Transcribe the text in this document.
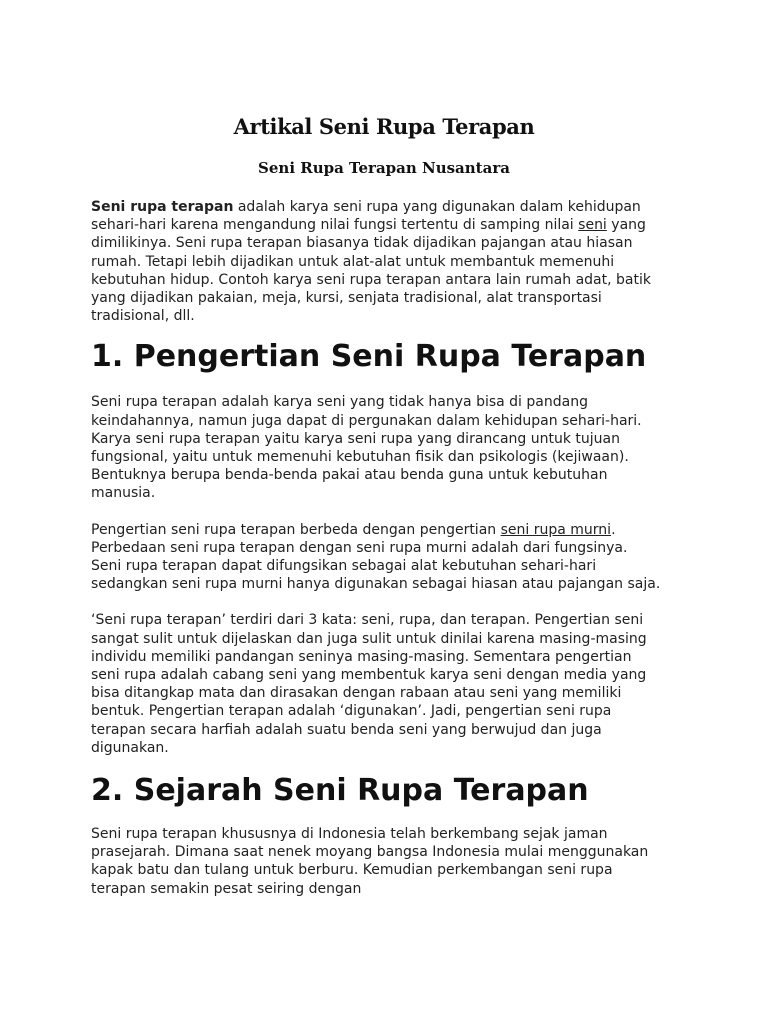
Artikal Seni Rupa Terapan
Seni Rupa Terapan Nusantara

Seni rupa terapan adalah karya seni rupa yang digunakan dalam kehidupan sehari-hari karena mengandung nilai fungsi tertentu di samping nilai seni yang dimilikinya. Seni rupa terapan biasanya tidak dijadikan pajangan atau hiasan rumah. Tetapi lebih dijadikan untuk alat-alat untuk membantuk memenuhi kebutuhan hidup. Contoh karya seni rupa terapan antara lain rumah adat, batik yang dijadikan pakaian, meja, kursi, senjata tradisional, alat transportasi tradisional, dll.

1. Pengertian Seni Rupa Terapan

Seni rupa terapan adalah karya seni yang tidak hanya bisa di pandang keindahannya, namun juga dapat di pergunakan dalam kehidupan sehari-hari. Karya seni rupa terapan yaitu karya seni rupa yang dirancang untuk tujuan fungsional, yaitu untuk memenuhi kebutuhan fisik dan psikologis (kejiwaan). Bentuknya berupa benda-benda pakai atau benda guna untuk kebutuhan manusia.

Pengertian seni rupa terapan berbeda dengan pengertian seni rupa murni. Perbedaan seni rupa terapan dengan seni rupa murni adalah dari fungsinya. Seni rupa terapan dapat difungsikan sebagai alat kebutuhan sehari-hari sedangkan seni rupa murni hanya digunakan sebagai hiasan atau pajangan saja.

‘Seni rupa terapan’ terdiri dari 3 kata: seni, rupa, dan terapan. Pengertian seni sangat sulit untuk dijelaskan dan juga sulit untuk dinilai karena masing-masing individu memiliki pandangan seninya masing-masing. Sementara pengertian seni rupa adalah cabang seni yang membentuk karya seni dengan media yang bisa ditangkap mata dan dirasakan dengan rabaan atau seni yang memiliki bentuk. Pengertian terapan adalah ‘digunakan’. Jadi, pengertian seni rupa terapan secara harfiah adalah suatu benda seni yang berwujud dan juga digunakan.

2. Sejarah Seni Rupa Terapan

Seni rupa terapan khususnya di Indonesia telah berkembang sejak jaman prasejarah. Dimana saat nenek moyang bangsa Indonesia mulai menggunakan kapak batu dan tulang untuk berburu. Kemudian perkembangan seni rupa terapan semakin pesat seiring dengan
